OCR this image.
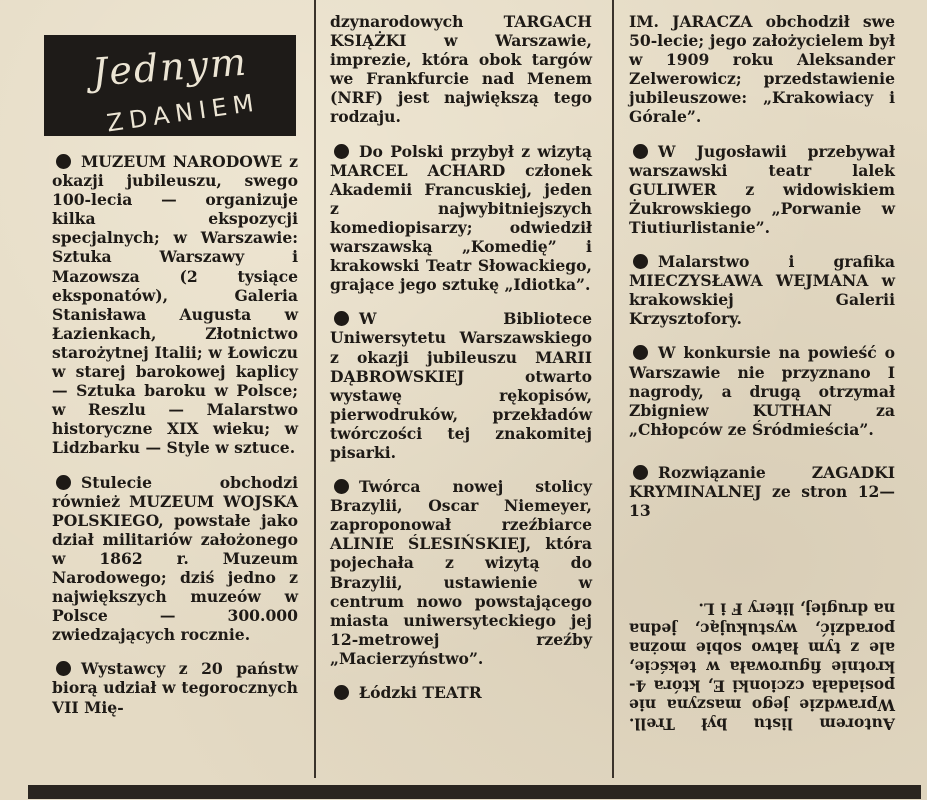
Jednym
ZDANIEM

MUZEUM NARODOWE z okazji jubileuszu, swego 100-lecia — organizuje kilka ekspozycji specjalnych; w Warszawie: Sztuka Warszawy i Mazowsza (2 tysiące eksponatów), Galeria Stanisława Augusta w Łazienkach, Złotnictwo starożytnej Italii; w Łowiczu w starej barokowej kaplicy — Sztuka baroku w Polsce; w Reszlu — Malarstwo historyczne XIX wieku; w Lidzbarku — Style w sztuce.

Stulecie obchodzi również MUZEUM WOJSKA POLSKIEGO, powstałe jako dział militariów założonego w 1862 r. Muzeum Narodowego; dziś jedno z największych muzeów w Polsce — 300.000 zwiedzających rocznie.

Wystawcy z 20 państw biorą udział w tegorocznych VII Mię-

dzynarodowych TARGACH KSIĄŻKI w Warszawie, imprezie, która obok targów we Frankfurcie nad Menem (NRF) jest największą tego rodzaju.

Do Polski przybył z wizytą MARCEL ACHARD członek Akademii Francuskiej, jeden z najwybitniejszych komediopisarzy; odwiedził warszawską „Komedię” i krakowski Teatr Słowackiego, grające jego sztukę „Idiotka”.

W Bibliotece Uniwersytetu Warszawskiego z okazji jubileuszu MARII DĄBROWSKIEJ otwarto wystawę rękopisów, pierwodruków, przekładów twórczości tej znakomitej pisarki.

Twórca nowej stolicy Brazylii, Oscar Niemeyer, zaproponował rzeźbiarce ALINIE ŚLESIŃSKIEJ, która pojechała z wizytą do Brazylii, ustawienie w centrum nowo powstającego miasta uniwersyteckiego jej 12-metrowej rzeźby „Macierzyństwo”.

Łódzki TEATR

IM. JARACZA obchodził swe 50-lecie; jego założycielem był w 1909 roku Aleksander Zelwerowicz; przedstawienie jubileuszowe: „Krakowiacy i Górale”.

W Jugosławii przebywał warszawski teatr lalek GULIWER z widowiskiem Żukrowskiego „Porwanie w Tiutiurlistanie”.

Malarstwo i grafika MIECZYSŁAWA WEJMANA w krakowskiej Galerii Krzysztofory.

W konkursie na powieść o Warszawie nie przyznano I nagrody, a drugą otrzymał Zbigniew KUTHAN za „Chłopców ze Śródmieścia”.

Rozwiązanie ZAGADKI KRYMINALNEJ ze stron 12—13

Autorem listu był Trell. Wprawdzie jego maszyna nie posiadała czcionki E, która 4-krotnie figurowała w tekście, ale z tym łatwo sobie można poradzić, wystukując, jedna na drugiej, litery F i L.
